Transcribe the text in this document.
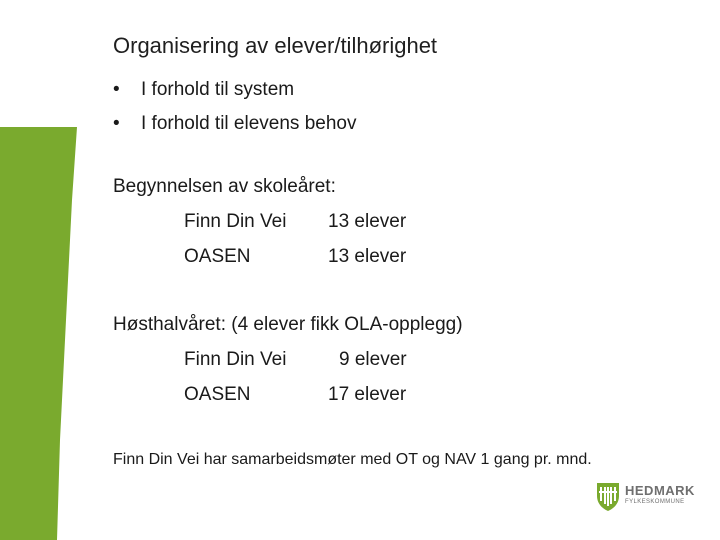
Organisering av elever/tilhørighet
• I forhold til system
• I forhold til elevens behov
Begynnelsen av skoleåret:
Finn Din Vei 13 elever
OASEN	13 elever
Høsthalvåret: (4 elever fikk OLA-opplegg)
Finn Din Vei	9 elever
OASEN	17 elever
Finn Din Vei har samarbeidsmøter med OT og NAV 1 gang pr. mnd.
HEDMARK
FYLKESKOMMUNE
